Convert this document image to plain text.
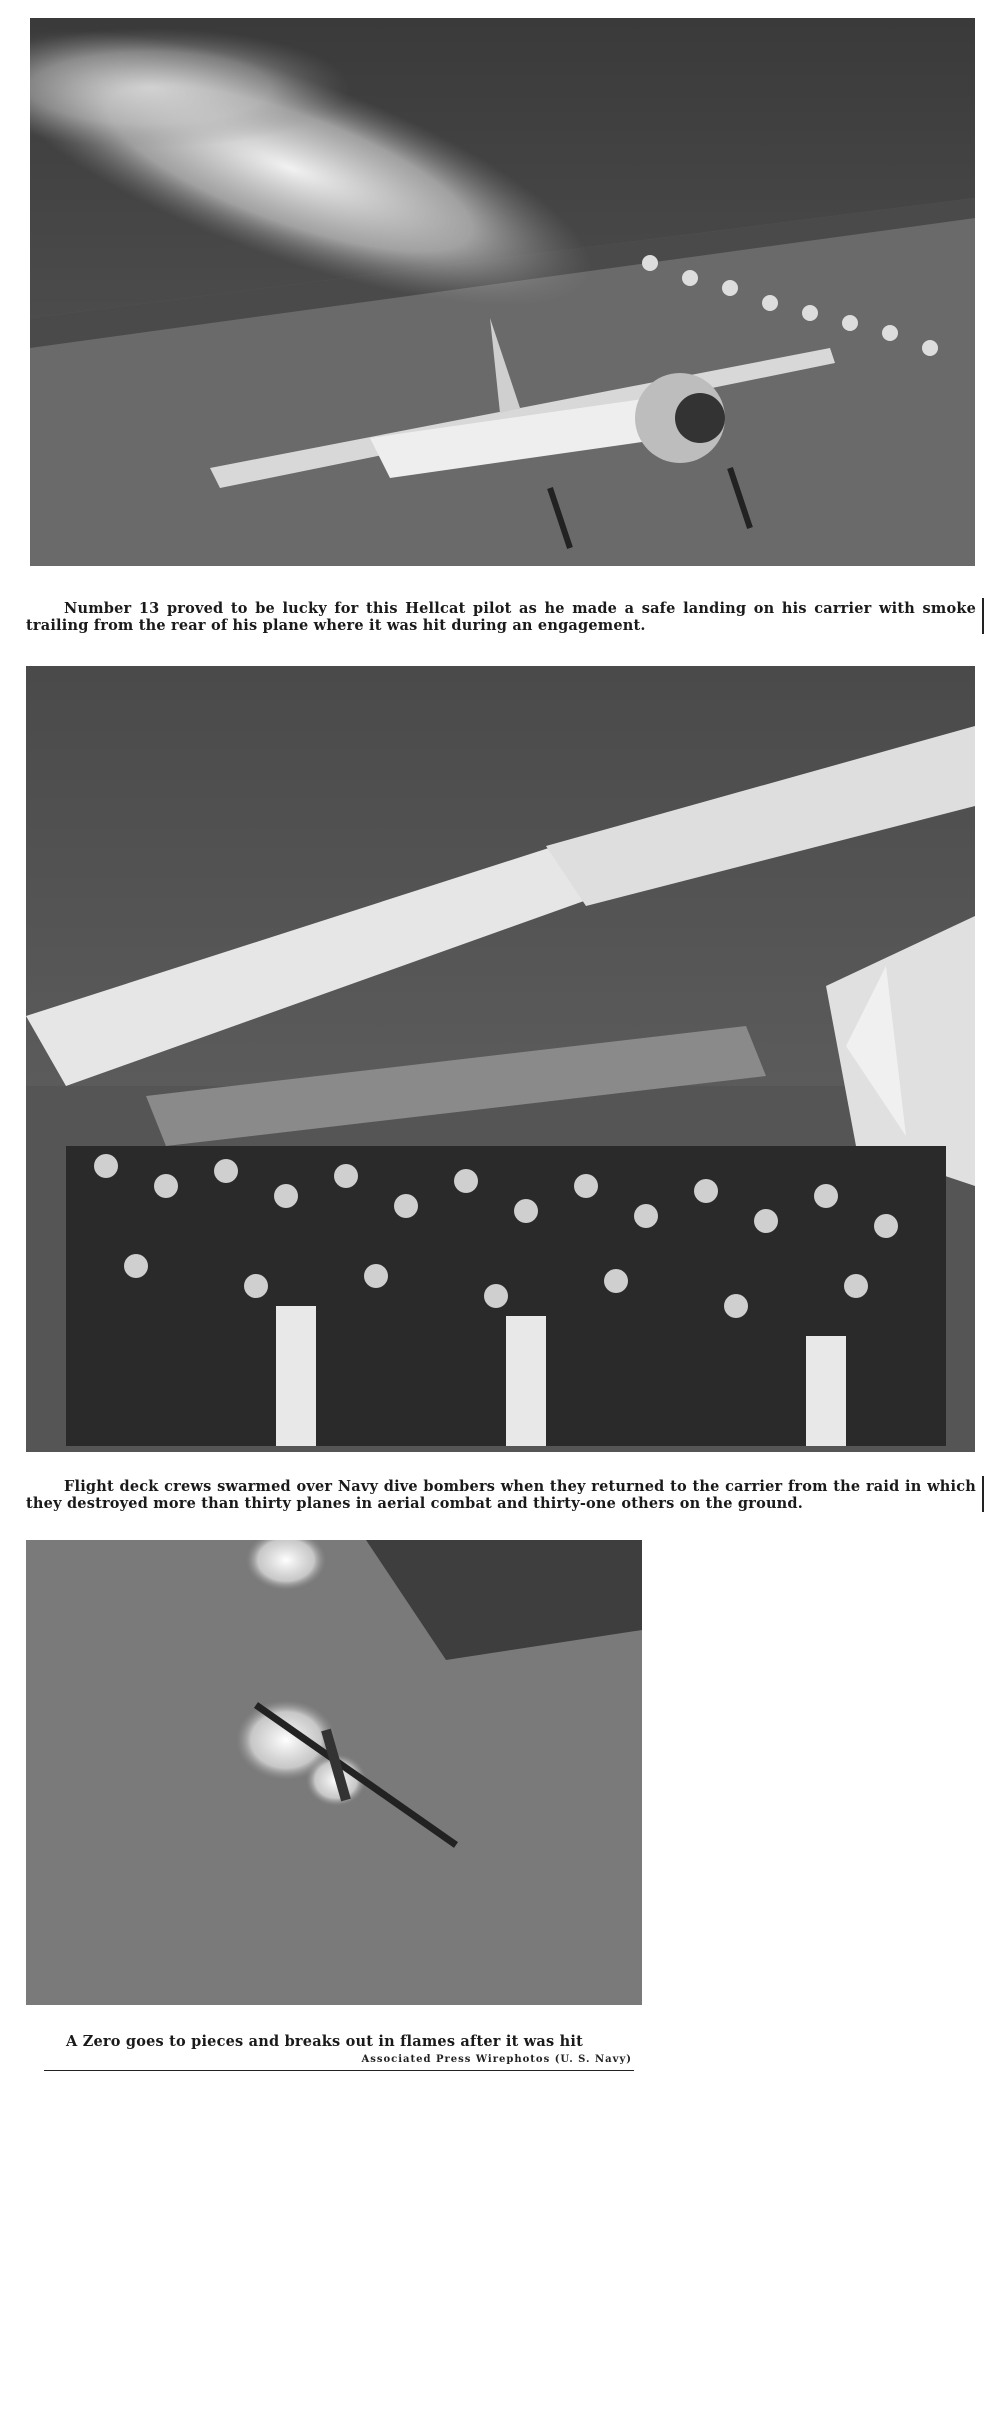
Number 13 proved to be lucky for this Hellcat pilot as he made a safe landing on his carrier with smoke trailing from the rear of his plane where it was hit during an engagement.
Flight deck crews swarmed over Navy dive bombers when they returned to the carrier from the raid in which they destroyed more than thirty planes in aerial combat and thirty-one others on the ground.
A Zero goes to pieces and breaks out in flames after it was hit
Associated Press Wirephotos (U. S. Navy)
